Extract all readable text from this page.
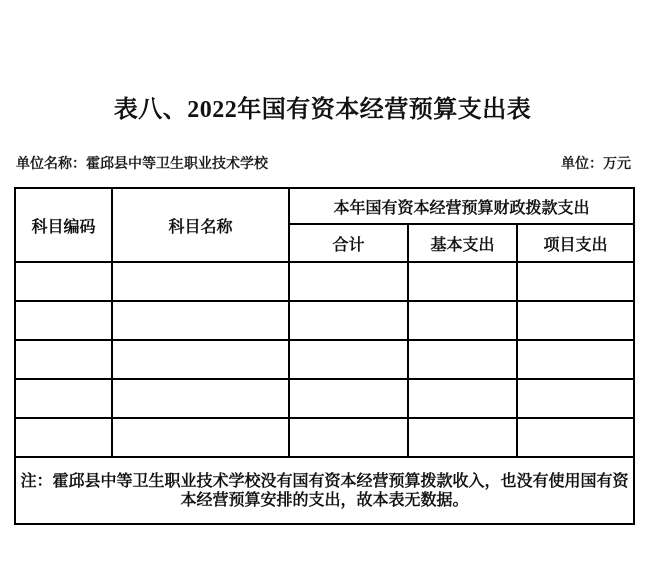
表八、2022年国有资本经营预算支出表
单位名称：霍邱县中等卫生职业技术学校	单位：万元
科目编码	科目名称	本年国有资本经营预算财政拨款支出		
		合计	基本支出	项目支出

注：霍邱县中等卫生职业技术学校没有国有资本经营预算拨款收入，也没有使用国有资本经营预算安排的支出，故本表无数据。				
